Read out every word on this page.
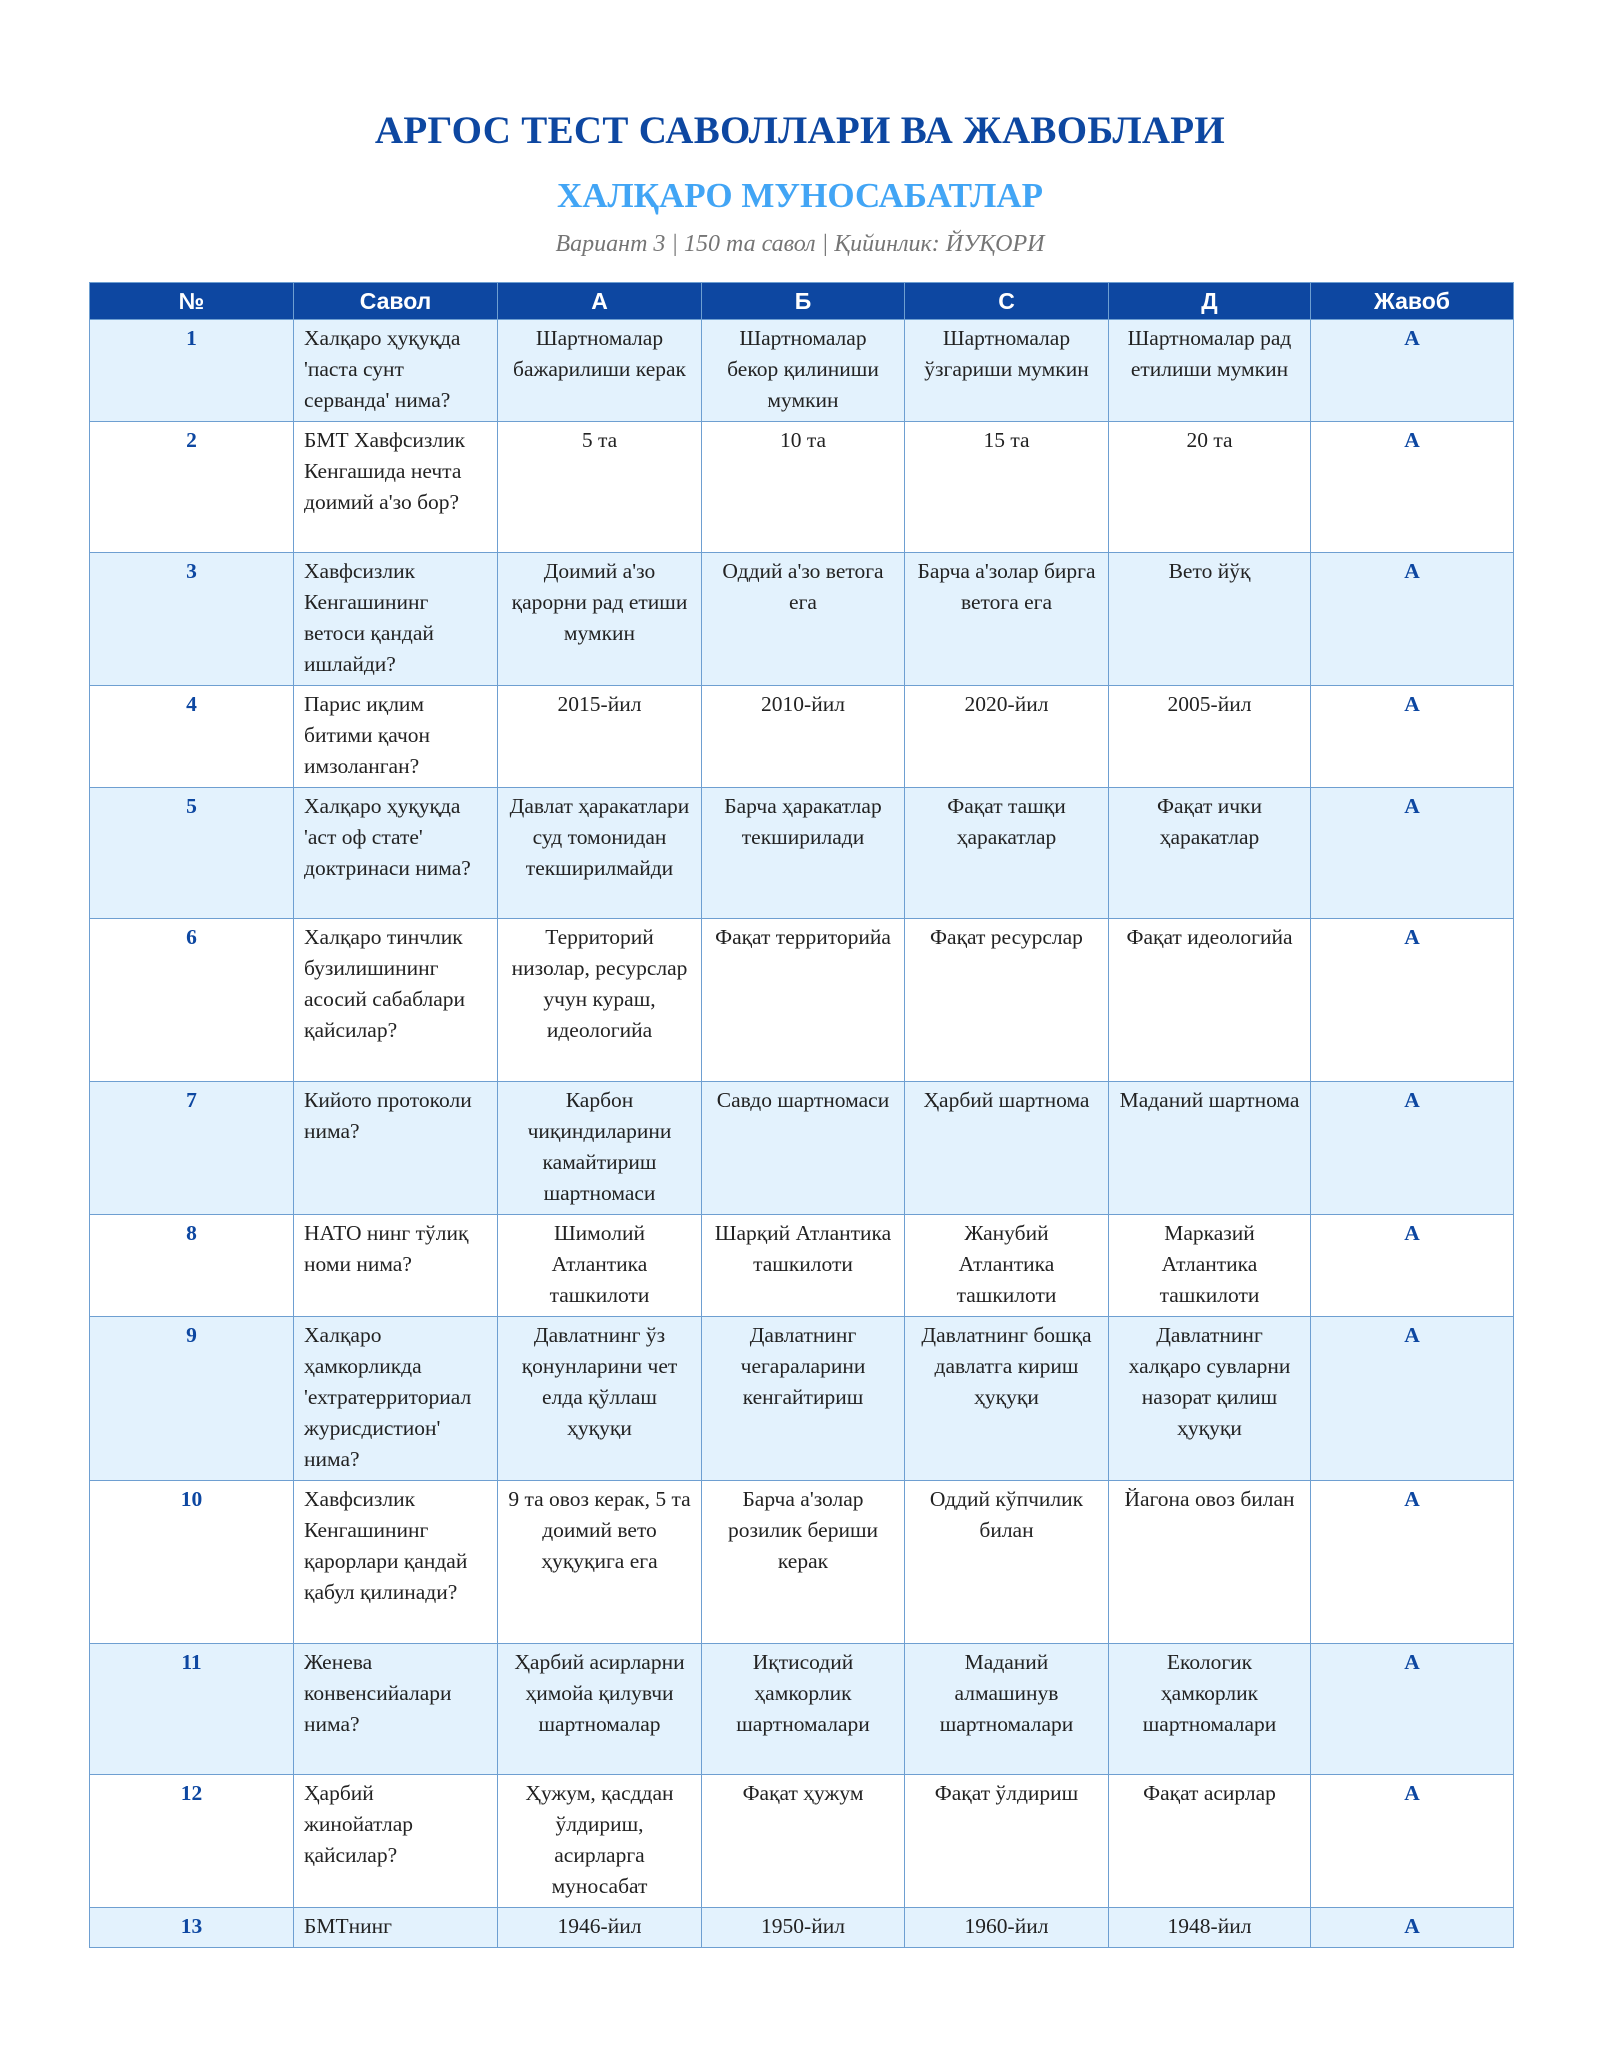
АРГОС ТЕСТ САВОЛЛАРИ ВА ЖАВОБЛАРИ
ХАЛҚАРО МУНОСАБАТЛАР
Вариант 3 | 150 та савол | Қийинлик: ЙУҚОРИ
№	Савол	А	Б	С	Д	Жавоб
1	Халқаро ҳуқуқда 'паста сунт серванда' нима?	Шартномалар бажарилиши керак	Шартномалар бекор қилиниши мумкин	Шартномалар ўзгариши мумкин	Шартномалар рад етилиши мумкин	А
2	БМТ Хавфсизлик Кенгашида нечта доимий а'зо бор?	5 та	10 та	15 та	20 та	А
3	Хавфсизлик Кенгашининг ветоси қандай ишлайди?	Доимий а'зо қарорни рад етиши мумкин	Оддий а'зо ветога ега	Барча а'золар бирга ветога ега	Вето йўқ	А
4	Парис иқлим битими қачон имзоланган?	2015-йил	2010-йил	2020-йил	2005-йил	А
5	Халқаро ҳуқуқда 'аст оф стате' доктринаси нима?	Давлат ҳаракатлари суд томонидан текширилмайди	Барча ҳаракатлар текширилади	Фақат ташқи ҳаракатлар	Фақат ички ҳаракатлар	А
6	Халқаро тинчлик бузилишининг асосий сабаблари қайсилар?	Территорий низолар, ресурслар учун кураш, идеологийа	Фақат территорийа	Фақат ресурслар	Фақат идеологийа	А
7	Кийото протоколи нима?	Карбон чиқиндиларини камайтириш шартномаси	Савдо шартномаси	Ҳарбий шартнома	Маданий шартнома	А
8	НАТО нинг тўлиқ номи нима?	Шимолий Атлантика ташкилоти	Шарқий Атлантика ташкилоти	Жанубий Атлантика ташкилоти	Марказий Атлантика ташкилоти	А
9	Халқаро ҳамкорликда 'ехтратерриториал журисдистион' нима?	Давлатнинг ўз қонунларини чет елда қўллаш ҳуқуқи	Давлатнинг чегараларини кенгайтириш	Давлатнинг бошқа давлатга кириш ҳуқуқи	Давлатнинг халқаро сувларни назорат қилиш ҳуқуқи	А
10	Хавфсизлик Кенгашининг қарорлари қандай қабул қилинади?	9 та овоз керак, 5 та доимий вето ҳуқуқига ега	Барча а'золар розилик бериши керак	Оддий кўпчилик билан	Йагона овоз билан	А
11	Женева конвенсийалари нима?	Ҳарбий асирларни ҳимойа қилувчи шартномалар	Иқтисодий ҳамкорлик шартномалари	Маданий алмашинув шартномалари	Екологик ҳамкорлик шартномалари	А
12	Ҳарбий жинойатлар қайсилар?	Ҳужум, қасддан ўлдириш, асирларга муносабат	Фақат ҳужум	Фақат ўлдириш	Фақат асирлар	А
13	БМТнинг	1946-йил	1950-йил	1960-йил	1948-йил	А
